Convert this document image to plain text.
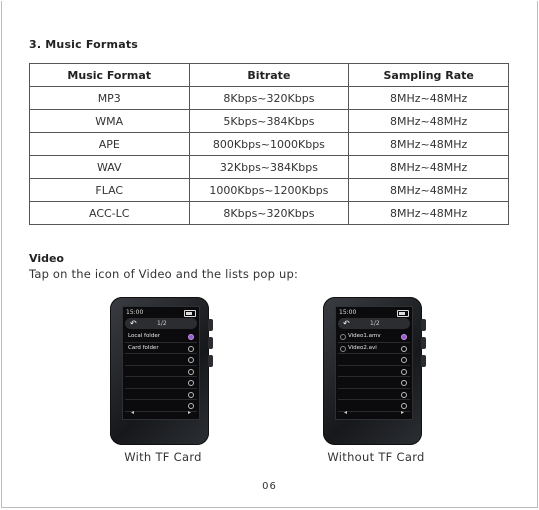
3. Music Formats
Music Format	Bitrate	Sampling Rate
MP3	8Kbps~320Kbps	8MHz~48MHz
WMA	5Kbps~384Kbps	8MHz~48MHz
APE	800Kbps~1000Kbps	8MHz~48MHz
WAV	32Kbps~384Kbps	8MHz~48MHz
FLAC	1000Kbps~1200Kbps	8MHz~48MHz
ACC-LC	8Kbps~320Kbps	8MHz~48MHz
Video
Tap on the icon of Video and the lists pop up:
15:00
↶	1/2
Local folder
Card folder
◂	▸
With TF Card
15:00
↶	1/2
Video1.amv
Video2.avi
◂	▸
Without TF Card
06
